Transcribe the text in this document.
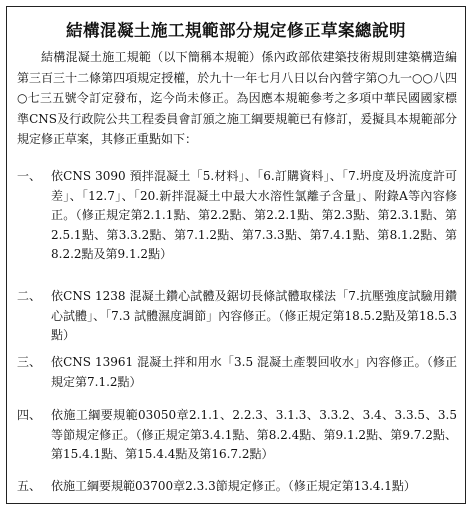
結構混凝土施工規範部分規定修正草案總說明
結構混凝土施工規範（以下簡稱本規範）係內政部依建築技術規則建築構造編第三百三十二條第四項規定授權，於九十一年七月八日以台內營字第○九一○○八四○七三五號令訂定發布，迄今尚未修正。為因應本規範參考之多項中華民國國家標準CNS及行政院公共工程委員會訂頒之施工綱要規範已有修訂，爰擬具本規範部分規定修正草案，其修正重點如下：
一、 依CNS 3090 預拌混凝土「5.材料」、「6.訂購資料」、「7.坍度及坍流度許可差」、「12.7」、「20.新拌混凝土中最大水溶性氯離子含量」、附錄A等內容修正。（修正規定第2.1.1點、第2.2點、第2.2.1點、第2.3點、第2.3.1點、第2.5.1點、第3.3.2點、第7.1.2點、第7.3.3點、第7.4.1點、第8.1.2點、第8.2.2點及第9.1.2點）
二、 依CNS 1238 混凝土鑽心試體及鋸切長條試體取樣法「7.抗壓強度試驗用鑽心試體」、「7.3 試體濕度調節」內容修正。（修正規定第18.5.2點及第18.5.3點）
三、 依CNS 13961 混凝土拌和用水「3.5 混凝土產製回收水」內容修正。（修正規定第7.1.2點）
四、 依施工綱要規範03050章2.1.1、2.2.3、3.1.3、3.3.2、3.4、3.3.5、3.5等節規定修正。（修正規定第3.4.1點、第8.2.4點、第9.1.2點、第9.7.2點、第15.4.1點、第15.4.4點及第16.7.2點）
五、 依施工綱要規範03700章2.3.3節規定修正。（修正規定第13.4.1點）
